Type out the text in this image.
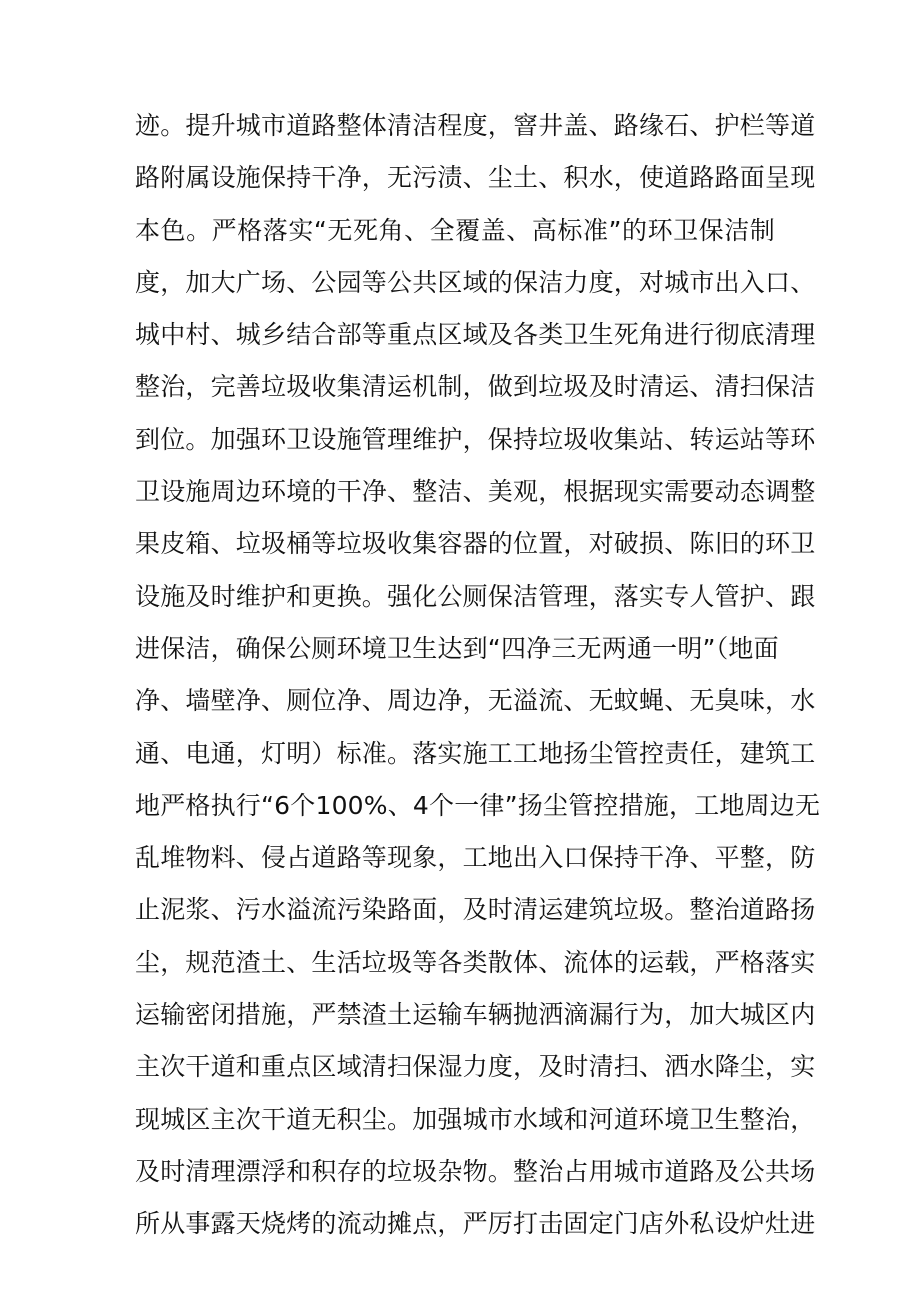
迹。提升城市道路整体清洁程度，窨井盖、路缘石、护栏等道
路附属设施保持干净，无污渍、尘土、积水，使道路路面呈现
本色。严格落实“无死角、全覆盖、高标准”的环卫保洁制
度，加大广场、公园等公共区域的保洁力度，对城市出入口、
城中村、城乡结合部等重点区域及各类卫生死角进行彻底清理
整治，完善垃圾收集清运机制，做到垃圾及时清运、清扫保洁
到位。加强环卫设施管理维护，保持垃圾收集站、转运站等环
卫设施周边环境的干净、整洁、美观，根据现实需要动态调整
果皮箱、垃圾桶等垃圾收集容器的位置，对破损、陈旧的环卫
设施及时维护和更换。强化公厕保洁管理，落实专人管护、跟
进保洁，确保公厕环境卫生达到“四净三无两通一明”（地面
净、墙壁净、厕位净、周边净，无溢流、无蚊蝇、无臭味，水
通、电通，灯明）标准。落实施工工地扬尘管控责任，建筑工
地严格执行“6个100%、4个一律”扬尘管控措施，工地周边无
乱堆物料、侵占道路等现象，工地出入口保持干净、平整，防
止泥浆、污水溢流污染路面，及时清运建筑垃圾。整治道路扬
尘，规范渣土、生活垃圾等各类散体、流体的运载，严格落实
运输密闭措施，严禁渣土运输车辆抛洒滴漏行为，加大城区内
主次干道和重点区域清扫保湿力度，及时清扫、洒水降尘，实
现城区主次干道无积尘。加强城市水域和河道环境卫生整治，
及时清理漂浮和积存的垃圾杂物。整治占用城市道路及公共场
所从事露天烧烤的流动摊点，严厉打击固定门店外私设炉灶进
